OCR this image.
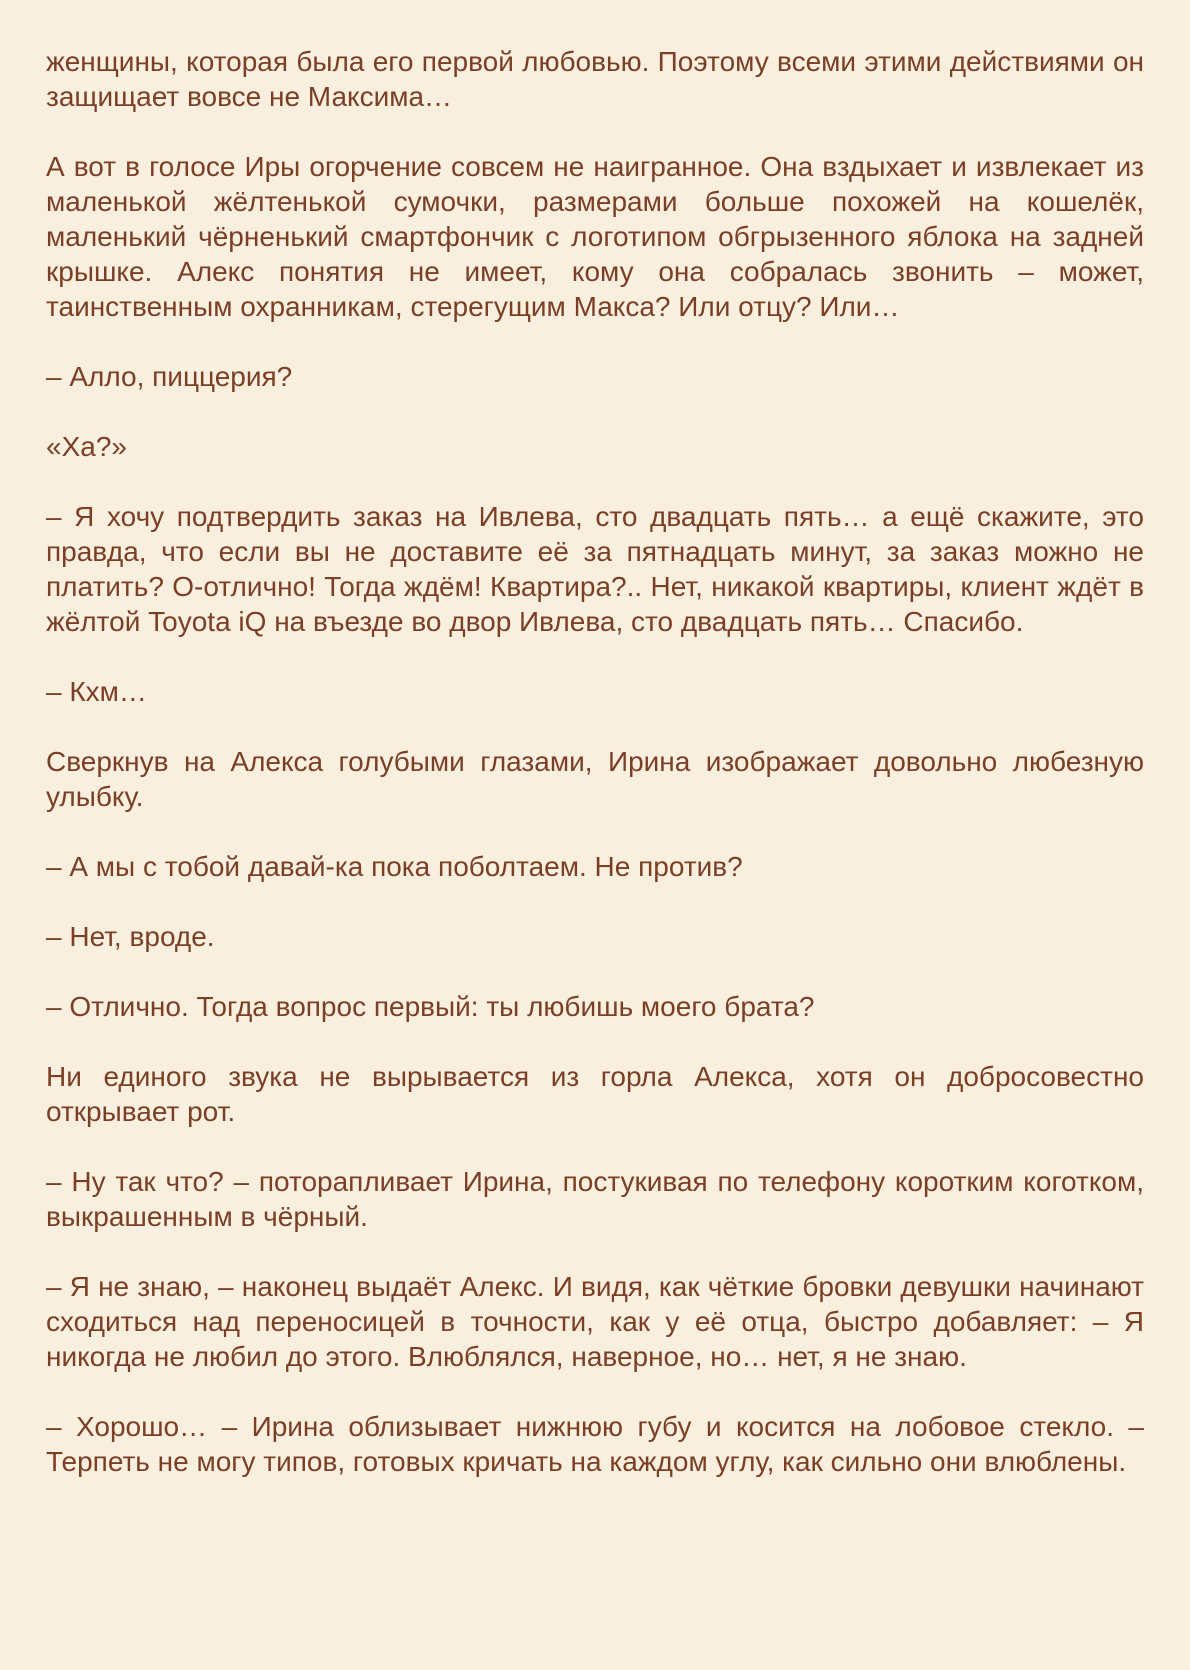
женщины, которая была его первой любовью. Поэтому всеми этими действиями он защищает вовсе не Максима…

А вот в голосе Иры огорчение совсем не наигранное. Она вздыхает и извлекает из маленькой жёлтенькой сумочки, размерами больше похожей на кошелёк, маленький чёрненький смартфончик с логотипом обгрызенного яблока на задней крышке. Алекс понятия не имеет, кому она собралась звонить – может, таинственным охранникам, стерегущим Макса? Или отцу? Или…

– Алло, пиццерия?

«Ха?»

– Я хочу подтвердить заказ на Ивлева, сто двадцать пять… а ещё скажите, это правда, что если вы не доставите её за пятнадцать минут, за заказ можно не платить? О-отлично! Тогда ждём! Квартира?.. Нет, никакой квартиры, клиент ждёт в жёлтой Toyota iQ на въезде во двор Ивлева, сто двадцать пять… Спасибо.

– Кхм…

Сверкнув на Алекса голубыми глазами, Ирина изображает довольно любезную улыбку.

– А мы с тобой давай-ка пока поболтаем. Не против?

– Нет, вроде.

– Отлично. Тогда вопрос первый: ты любишь моего брата?

Ни единого звука не вырывается из горла Алекса, хотя он добросовестно открывает рот.

– Ну так что? – поторапливает Ирина, постукивая по телефону коротким коготком, выкрашенным в чёрный.

– Я не знаю, – наконец выдаёт Алекс. И видя, как чёткие бровки девушки начинают сходиться над переносицей в точности, как у её отца, быстро добавляет: – Я никогда не любил до этого. Влюблялся, наверное, но… нет, я не знаю.

– Хорошо… – Ирина облизывает нижнюю губу и косится на лобовое стекло. – Терпеть не могу типов, готовых кричать на каждом углу, как сильно они влюблены.
